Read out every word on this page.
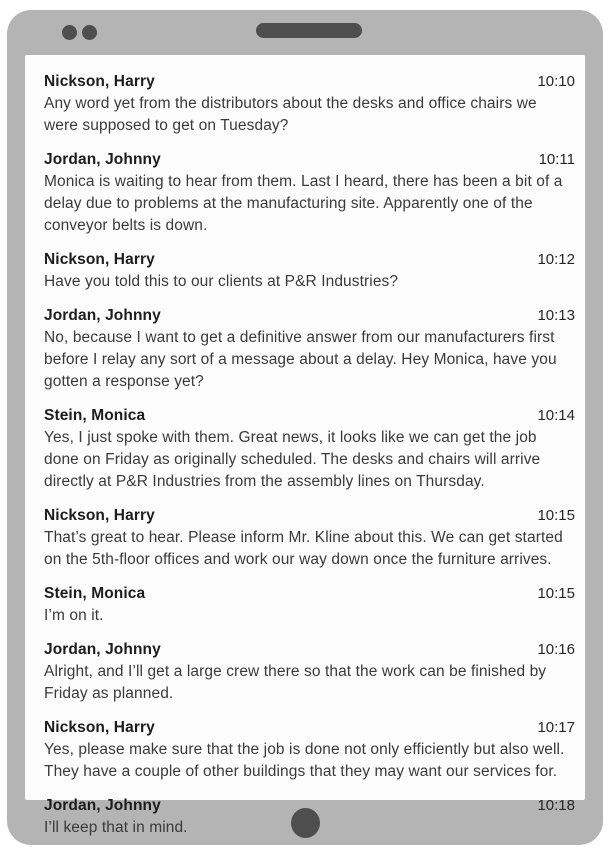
Nickson, Harry	10:10
Any word yet from the distributors about the desks and office chairs we were supposed to get on Tuesday?
Jordan, Johnny	10:11
Monica is waiting to hear from them. Last I heard, there has been a bit of a delay due to problems at the manufacturing site. Apparently one of the conveyor belts is down.
Nickson, Harry	10:12
Have you told this to our clients at P&R Industries?
Jordan, Johnny	10:13
No, because I want to get a definitive answer from our manufacturers first before I relay any sort of a message about a delay. Hey Monica, have you gotten a response yet?
Stein, Monica	10:14
Yes, I just spoke with them. Great news, it looks like we can get the job done on Friday as originally scheduled. The desks and chairs will arrive directly at P&R Industries from the assembly lines on Thursday.
Nickson, Harry	10:15
That’s great to hear. Please inform Mr. Kline about this. We can get started on the 5th-floor offices and work our way down once the furniture arrives.
Stein, Monica	10:15
I’m on it.
Jordan, Johnny	10:16
Alright, and I’ll get a large crew there so that the work can be finished by Friday as planned.
Nickson, Harry	10:17
Yes, please make sure that the job is done not only efficiently but also well. They have a couple of other buildings that they may want our services for.
Jordan, Johnny	10:18
I’ll keep that in mind.
